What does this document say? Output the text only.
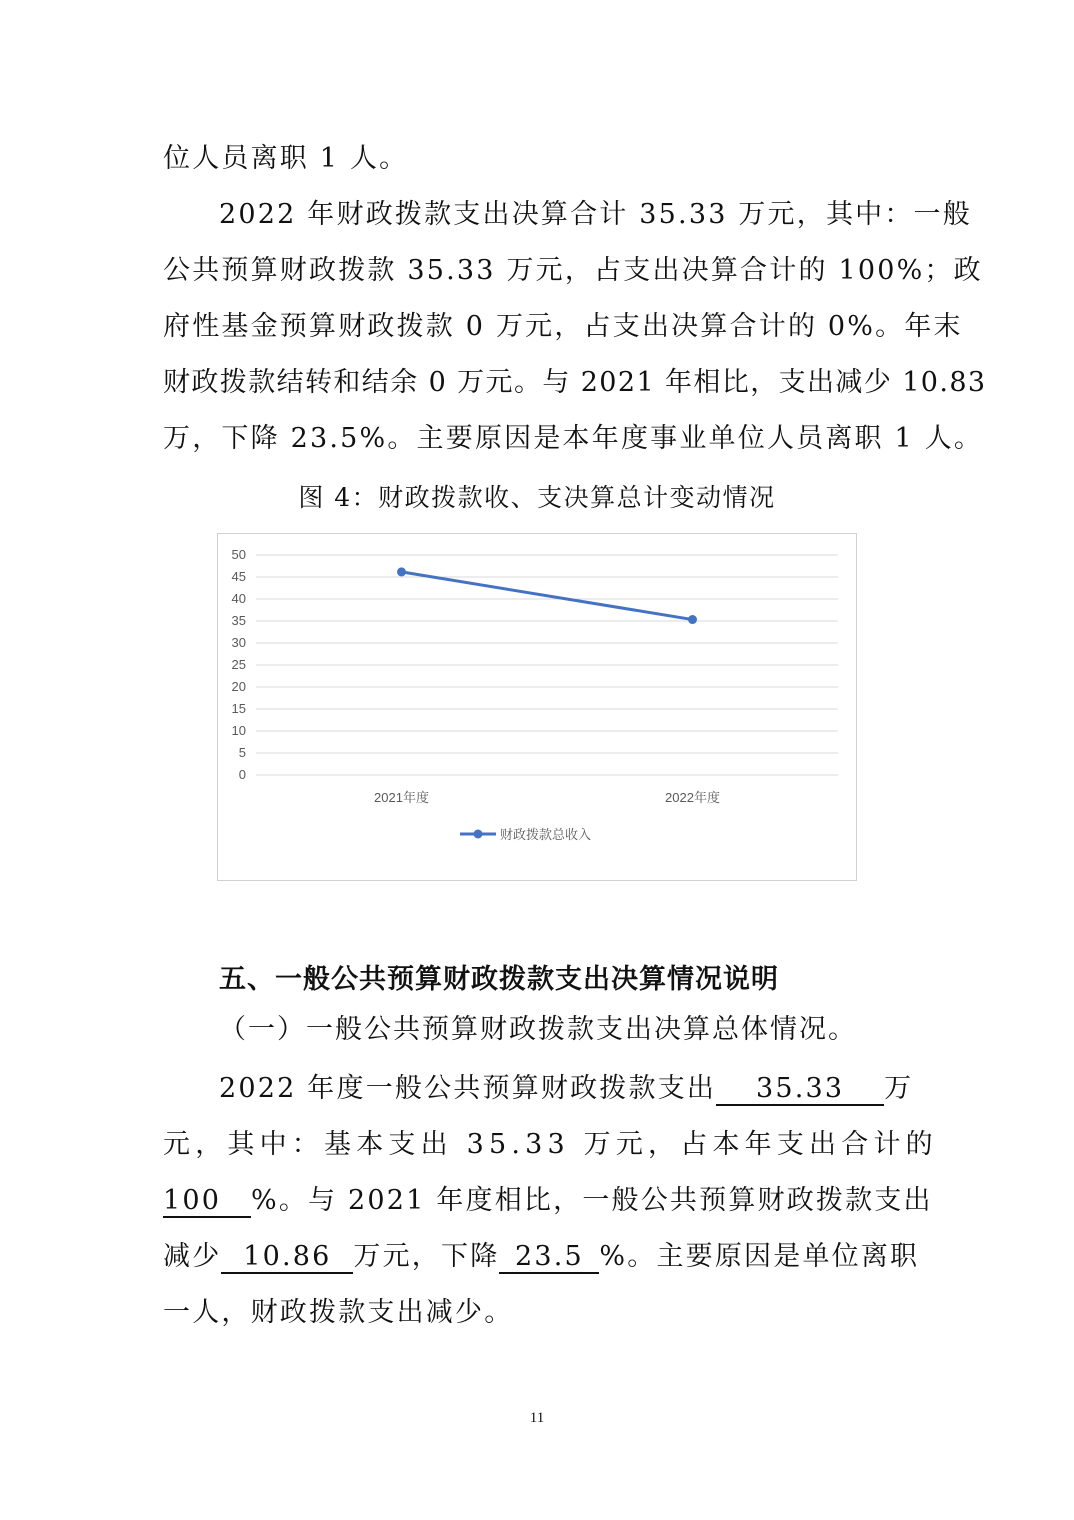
位人员离职 1 人。
2022 年财政拨款支出决算合计 35.33 万元，其中：一般
公共预算财政拨款 35.33 万元，占支出决算合计的 100%；政
府性基金预算财政拨款 0 万元，占支出决算合计的 0%。年末
财政拨款结转和结余 0 万元。与 2021 年相比，支出减少 10.83
万，下降 23.5%。主要原因是本年度事业单位人员离职 1 人。
图 4：财政拨款收、支决算总计变动情况
0
5
10
15
20
25
30
35
40
45
50
2021年度	2022年度
财政拨款总收入
五、一般公共预算财政拨款支出决算情况说明
（一）一般公共预算财政拨款支出决算总体情况。
2022 年度一般公共预算财政拨款支出 35.33 万
元，其中：基本支出 35.33 万元，占本年支出合计的
100 %。与 2021 年度相比，一般公共预算财政拨款支出
减少 10.86 万元，下降 23.5 %。主要原因是单位离职
一人，财政拨款支出减少。
11
